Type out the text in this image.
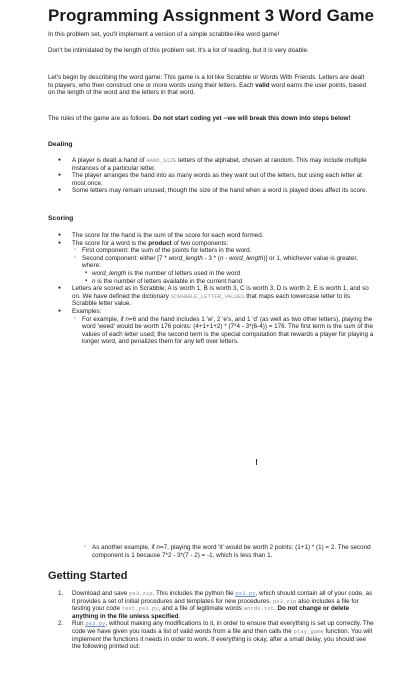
Programming Assignment 3 Word Game

In this problem set, you'll implement a version of a simple scrabble-like word game!

Don't be intimidated by the length of this problem set. It's a lot of reading, but it is very doable.

Let's begin by describing the word game: This game is a lot like Scrabble or Words With Friends. Letters are dealt to players, who then construct one or more words using their letters. Each valid word earns the user points, based on the length of the word and the letters in that word.

The rules of the game are as follows. Do not start coding yet --we will break this down into steps below!

Dealing

● A player is dealt a hand of HAND_SIZE letters of the alphabet, chosen at random. This may include multiple instances of a particular letter.
● The player arranges the hand into as many words as they want out of the letters, but using each letter at most once.
● Some letters may remain unused, though the size of the hand when a word is played does affect its score.

Scoring

● The score for the hand is the sum of the score for each word formed.
● The score for a word is the product of two components:
◦ First component: the sum of the points for letters in the word.
◦ Second component: either [7 * word_length - 3 * (n - word_length)] or 1, whichever value is greater, where:
▪ word_length is the number of letters used in the word
▪ n is the number of letters available in the current hand
● Letters are scored as in Scrabble; A is worth 1, B is worth 3, C is worth 3, D is worth 2, E is worth 1, and so on. We have defined the dictionary SCRABBLE_LETTER_VALUES that maps each lowercase letter to its Scrabble letter value.
● Examples:
◦ For example, if n=6 and the hand includes 1 'w', 2 'e's, and 1 'd' (as well as two other letters), playing the word 'weed' would be worth 176 points: (4+1+1+2) * (7*4 - 3*(6-4)) = 176. The first term is the sum of the values of each letter used; the second term is the special computation that rewards a player for playing a longer word, and penalizes them for any left over letters.
◦ As another example, if n=7, playing the word 'it' would be worth 2 points: (1+1) * (1) = 2. The second component is 1 because 7*2 - 3*(7 - 2) = -1, which is less than 1.
Getting Started
1. Download and save ps3.zip. This includes the python file ps3.py, which should contain all of your code, as it provides a set of initial procedures and templates for new procedures. ps3.zip also includes a file for testing your code test_ps3.py, and a file of legitimate words words.txt. Do not change or delete anything in the file unless specified.
2. Run ps3.py, without making any modifications to it, in order to ensure that everything is set up correctly. The code we have given you loads a list of valid words from a file and then calls the play_game function. You will implement the functions it needs in order to work. If everything is okay, after a small delay, you should see the following printed out:
